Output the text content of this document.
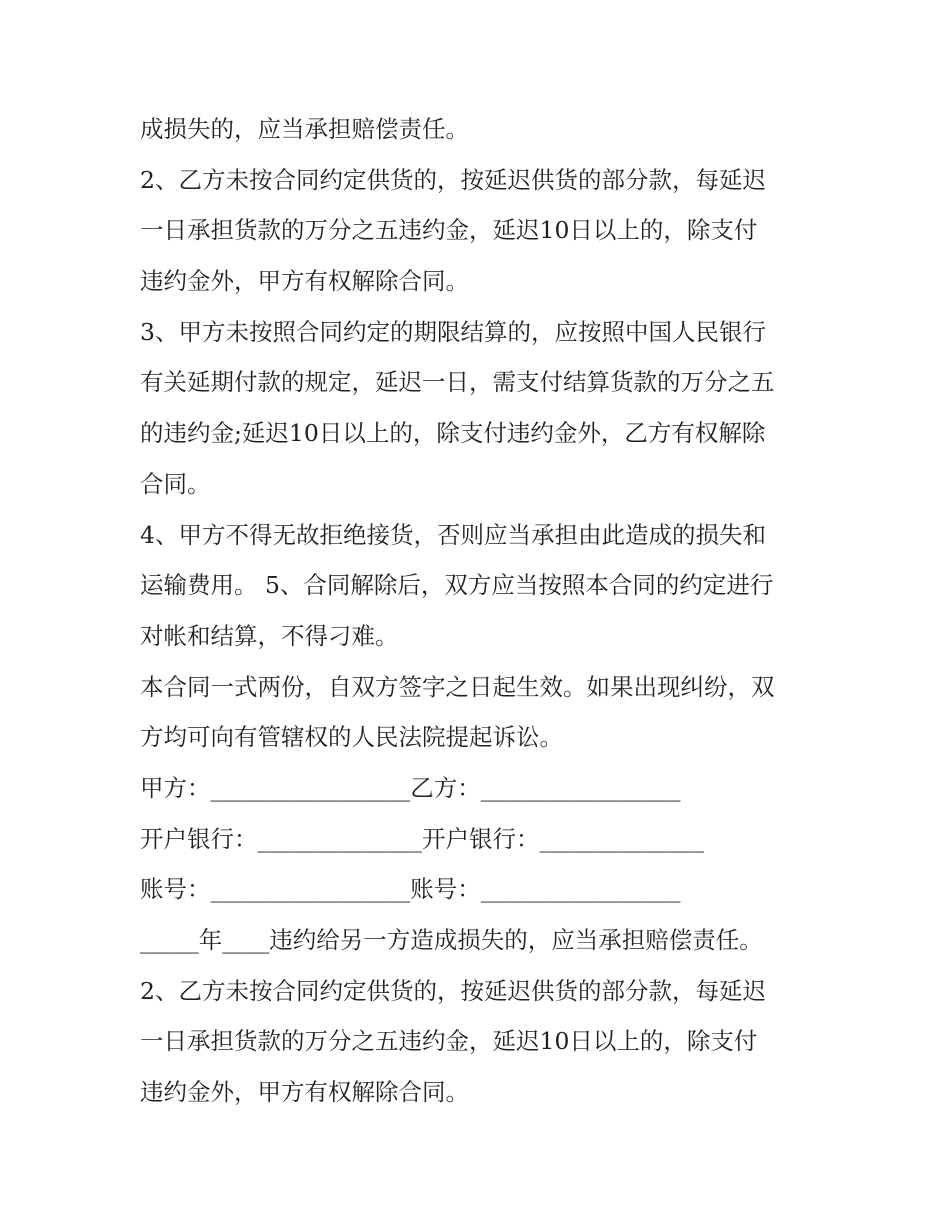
成损失的，应当承担赔偿责任。
2、乙方未按合同约定供货的，按延迟供货的部分款，每延迟
一日承担货款的万分之五违约金，延迟10日以上的，除支付
违约金外，甲方有权解除合同。
3、甲方未按照合同约定的期限结算的，应按照中国人民银行
有关延期付款的规定，延迟一日，需支付结算货款的万分之五
的违约金;延迟10日以上的，除支付违约金外，乙方有权解除
合同。
4、甲方不得无故拒绝接货，否则应当承担由此造成的损失和
运输费用。 5、合同解除后，双方应当按照本合同的约定进行
对帐和结算，不得刁难。
本合同一式两份，自双方签字之日起生效。如果出现纠纷，双
方均可向有管辖权的人民法院提起诉讼。
甲方：_________________乙方：_________________
开户银行：______________开户银行：______________
账号：_________________账号：_________________
_____年____违约给另一方造成损失的，应当承担赔偿责任。
2、乙方未按合同约定供货的，按延迟供货的部分款，每延迟
一日承担货款的万分之五违约金，延迟10日以上的，除支付
违约金外，甲方有权解除合同。
